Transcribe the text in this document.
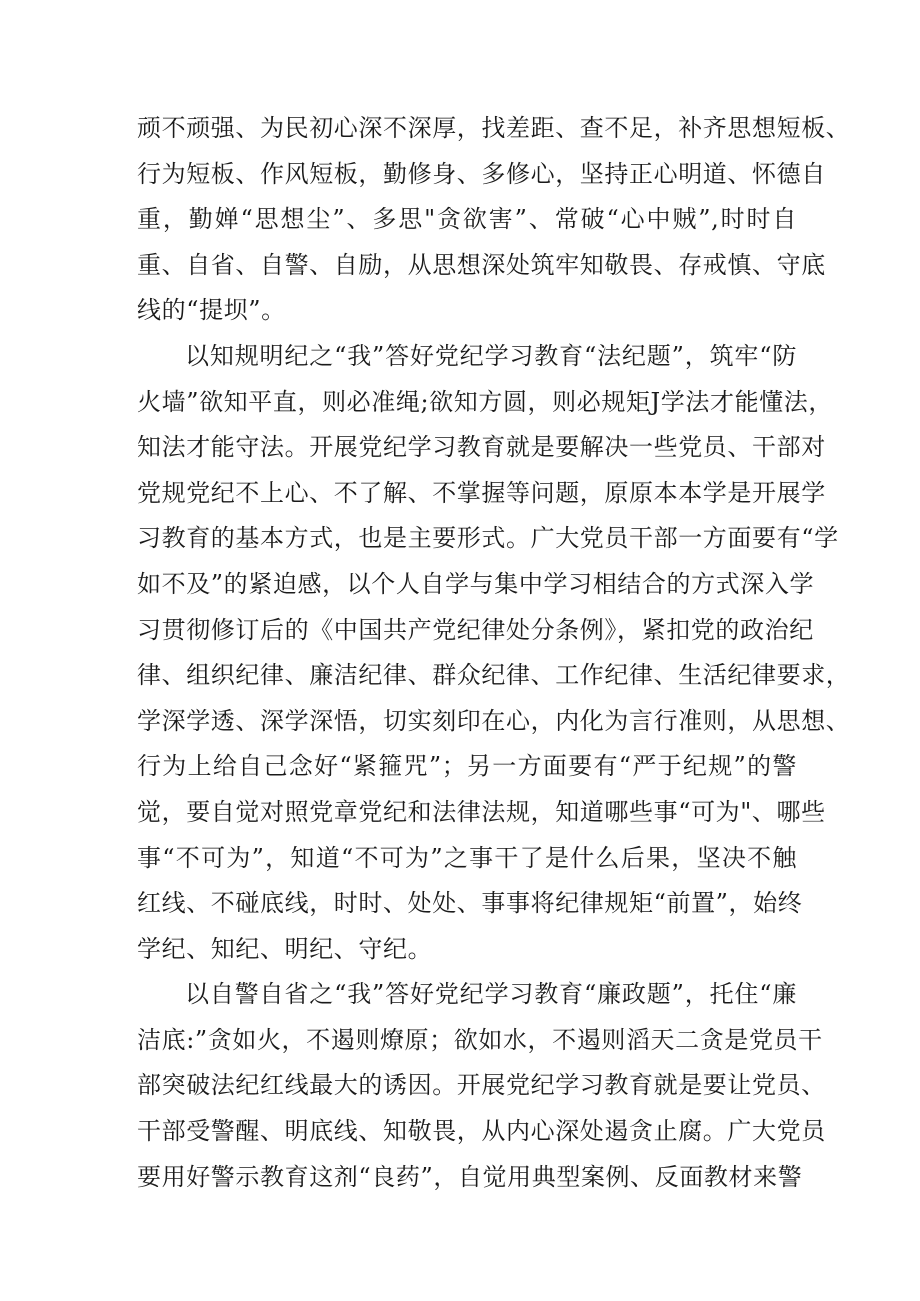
顽不顽强、为民初心深不深厚，找差距、查不足，补齐思想短板、
行为短板、作风短板，勤修身、多修心，坚持正心明道、怀德自
重，勤婵“思想尘”、多思"贪欲害”、常破“心中贼”,时时自
重、自省、自警、自励，从思想深处筑牢知敬畏、存戒慎、守底
线的“提坝”。
以知规明纪之“我”答好党纪学习教育“法纪题”，筑牢“防
火墙”欲知平直，则必准绳;欲知方圆，则必规矩J学法才能懂法，
知法才能守法。开展党纪学习教育就是要解决一些党员、干部对
党规党纪不上心、不了解、不掌握等问题，原原本本学是开展学
习教育的基本方式，也是主要形式。广大党员干部一方面要有“学
如不及”的紧迫感，以个人自学与集中学习相结合的方式深入学
习贯彻修订后的《中国共产党纪律处分条例》，紧扣党的政治纪
律、组织纪律、廉洁纪律、群众纪律、工作纪律、生活纪律要求，
学深学透、深学深悟，切实刻印在心，内化为言行准则，从思想、
行为上给自己念好“紧箍咒”；另一方面要有“严于纪规”的警
觉，要自觉对照党章党纪和法律法规，知道哪些事“可为"、哪些
事“不可为”，知道“不可为”之事干了是什么后果，坚决不触
红线、不碰底线，时时、处处、事事将纪律规矩“前置”，始终
学纪、知纪、明纪、守纪。
以自警自省之“我”答好党纪学习教育“廉政题”，托住“廉
洁底:”贪如火，不遏则燎原；欲如水，不遏则滔天二贪是党员干
部突破法纪红线最大的诱因。开展党纪学习教育就是要让党员、
干部受警醒、明底线、知敬畏，从内心深处遏贪止腐。广大党员
要用好警示教育这剂“良药”，自觉用典型案例、反面教材来警
